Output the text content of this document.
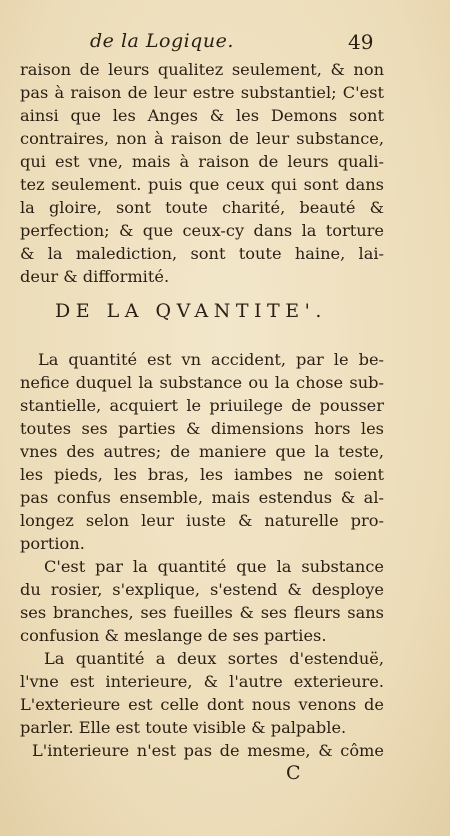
de la Logique.	49
raison de leurs qualitez seulement, & non
pas à raison de leur estre substantiel; C'est
ainsi que les Anges & les Demons sont
contraires, non à raison de leur substance,
qui est vne, mais à raison de leurs quali-
tez seulement. puis que ceux qui sont dans
la gloire, sont toute charité, beauté &
perfection; & que ceux-cy dans la torture
& la malediction, sont toute haine, lai-
deur & difformité.
DE LA QVANTITE'.
La quantité est vn accident, par le be-
nefice duquel la substance ou la chose sub-
stantielle, acquiert le priuilege de pousser
toutes ses parties & dimensions hors les
vnes des autres; de maniere que la teste,
les pieds, les bras, les iambes ne soient
pas confus ensemble, mais estendus & al-
longez selon leur iuste & naturelle pro-
portion.
C'est par la quantité que la substance
du rosier, s'explique, s'estend & desploye
ses branches, ses fueilles & ses fleurs sans
confusion & meslange de ses parties.
La quantité a deux sortes d'estenduë,
l'vne est interieure, & l'autre exterieure.
L'exterieure est celle dont nous venons de
parler. Elle est toute visible & palpable.
L'interieure n'est pas de mesme, & côme
C
